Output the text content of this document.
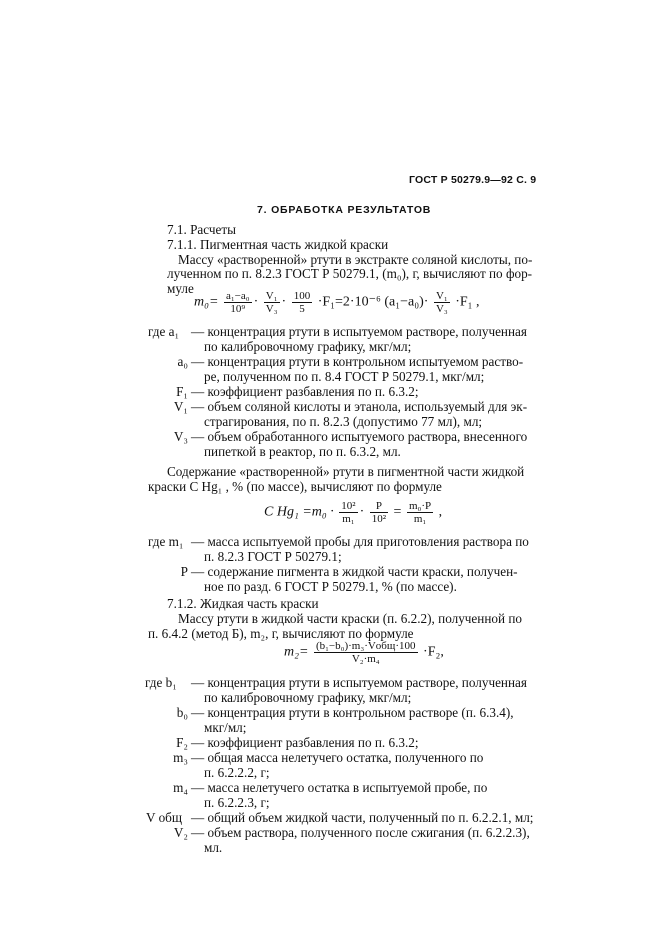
ГОСТ Р 50279.9—92 С. 9
7. ОБРАБОТКА РЕЗУЛЬТАТОВ
7.1. Расчеты
7.1.1. Пигментная часть жидкой краски
Массу «растворенной» ртути в экстракте соляной кислоты, по-
лученном по п. 8.2.3 ГОСТ Р 50279.1, (m₀), г, вычисляют по фор-
муле
$m_0= \frac{\text{a₁−a₀}}{\text{10⁹}} \cdot \frac{\text{V₁}}{\text{V₃}} \cdot \frac{100}{5} \cdot F_1=2\cdot 10^{-6}$ $(a_1-a_0)\cdot \frac{\text{V₁}}{\text{V₃}} \cdot F_1$ ,
где a₁ — концентрация ртути в испытуемом растворе, полученная
по калибровочному графику, мкг/мл;
a₀ — концентрация ртути в контрольном испытуемом раство-
ре, полученном по п. 8.4 ГОСТ Р 50279.1, мкг/мл;
F₁ — коэффициент разбавления по п. 6.3.2;
V₁ — объем соляной кислоты и этанола, используемый для эк-
страгирования, по п. 8.2.3 (допустимо 77 мл), мл;
V₃ — объем обработанного испытуемого раствора, внесенного
пипеткой в реактор, по п. 6.3.2, мл.
Содержание «растворенной» ртути в пигментной части жидкой
краски C Hg₁ , % (по массе), вычисляют по формуле
C $Hg_1 =m_0 \cdot \frac{\text{10²}}{\text{m₁}} \cdot \frac{P}{\text{10²}} = \frac{\text{m₀·P}}{\text{m₁}}$ ,
где m₁ — масса испытуемой пробы для приготовления раствора по
п. 8.2.3 ГОСТ Р 50279.1;
P — содержание пигмента в жидкой части краски, получен-
ное по разд. 6 ГОСТ Р 50279.1, % (по массе).
7.1.2. Жидкая часть краски
Массу ртути в жидкой части краски (п. 6.2.2), полученной по
п. 6.4.2 (метод Б), m₂, г, вычисляют по формуле
$m_2= \frac{\text{(b₁−b₀)·m₃·Vобщ·100}}{\text{V₂·m₄}} \cdot F_2$,
где b₁ — концентрация ртути в испытуемом растворе, полученная
по калибровочному графику, мкг/мл;
b₀ — концентрация ртути в контрольном растворе (п. 6.3.4),
мкг/мл;
F₂ — коэффициент разбавления по п. 6.3.2;
m₃ — общая масса нелетучего остатка, полученного по
п. 6.2.2.2, г;
m₄ — масса нелетучего остатка в испытуемой пробе, по
п. 6.2.2.3, г;
V общ — общий объем жидкой части, полученный по п. 6.2.2.1, мл;
V₂ — объем раствора, полученного после сжигания (п. 6.2.2.3),
мл.
